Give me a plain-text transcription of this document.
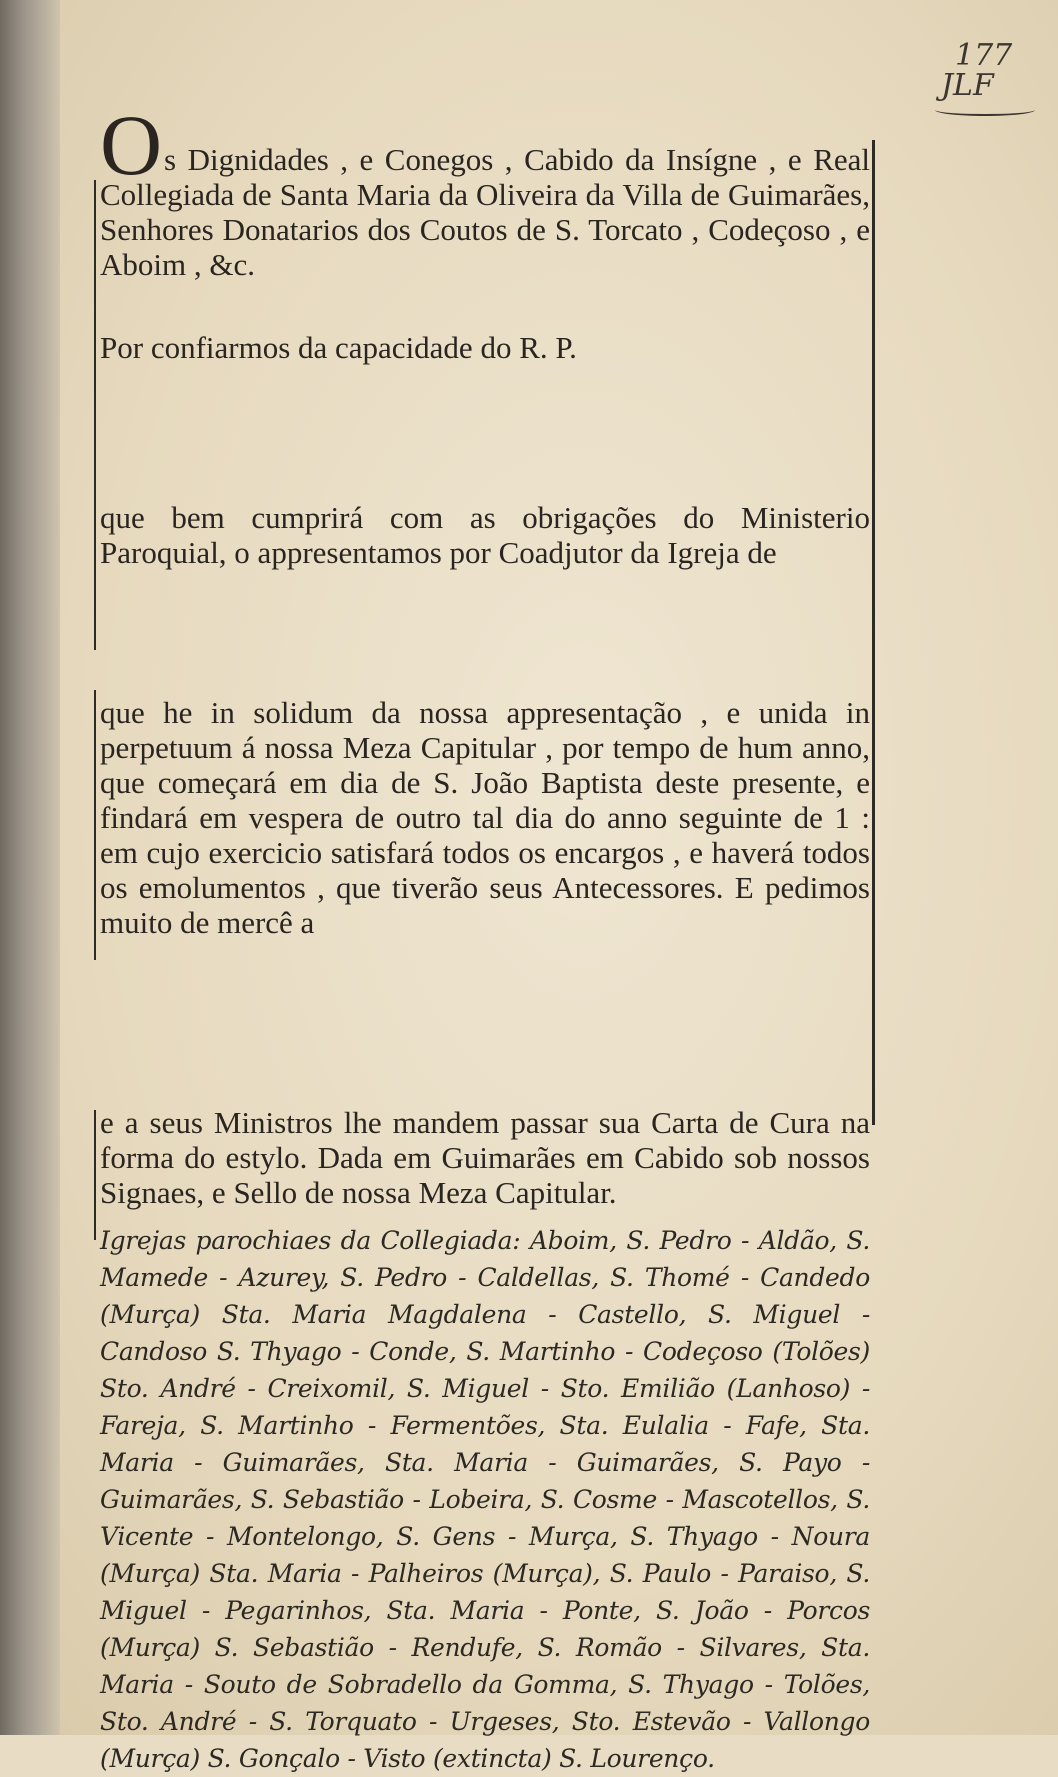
177
JLF
O s Dignidades , e Conegos , Cabido da Insígne , e Real Collegiada de Santa Maria da Oliveira da Villa de Guimarães, Senhores Donatarios dos Coutos de S. Torcato , Codeçoso , e Aboim , &c.
Por confiarmos da capacidade do R. P.
que bem cumprirá com as obrigações do Ministerio Paroquial, o appresentamos por Coadjutor da Igreja de
que he in solidum da nossa appresentação , e unida in perpetuum á nossa Meza Capitular , por tempo de hum anno, que começará em dia de S. João Baptista deste presente, e findará em vespera de outro tal dia do anno seguinte de 1 : em cujo exercicio satisfará todos os encargos , e haverá todos os emolumentos , que tiverão seus Antecessores. E pedimos muito de mercê a
e a seus Ministros lhe mandem passar sua Carta de Cura na forma do estylo. Dada em Guimarães em Cabido sob nossos Signaes, e Sello de nossa Meza Capitular.
Igrejas parochiaes da Collegiada: Aboim, S. Pedro - Aldão, S. Mamede - Azurey, S. Pedro - Caldellas, S. Thomé - Candedo (Murça) Sta. Maria Magdalena - Castello, S. Miguel - Candoso S. Thyago - Conde, S. Martinho - Codeçoso (Tolões) Sto. André - Creixomil, S. Miguel - Sto. Emilião (Lanhoso) - Fareja, S. Martinho - Fermentões, Sta. Eulalia - Fafe, Sta. Maria - Guimarães, Sta. Maria - Guimarães, S. Payo - Guimarães, S. Sebastião - Lobeira, S. Cosme - Mascotellos, S. Vicente - Montelongo, S. Gens - Murça, S. Thyago - Noura (Murça) Sta. Maria - Palheiros (Murça), S. Paulo - Paraiso, S. Miguel - Pegarinhos, Sta. Maria - Ponte, S. João - Porcos (Murça) S. Sebastião - Rendufe, S. Romão - Silvares, Sta. Maria - Souto de Sobradello da Gomma, S. Thyago - Tolões, Sto. André - S. Torquato - Urgeses, Sto. Estevão - Vallongo (Murça) S. Gonçalo - Visto (extincta) S. Lourenço.
